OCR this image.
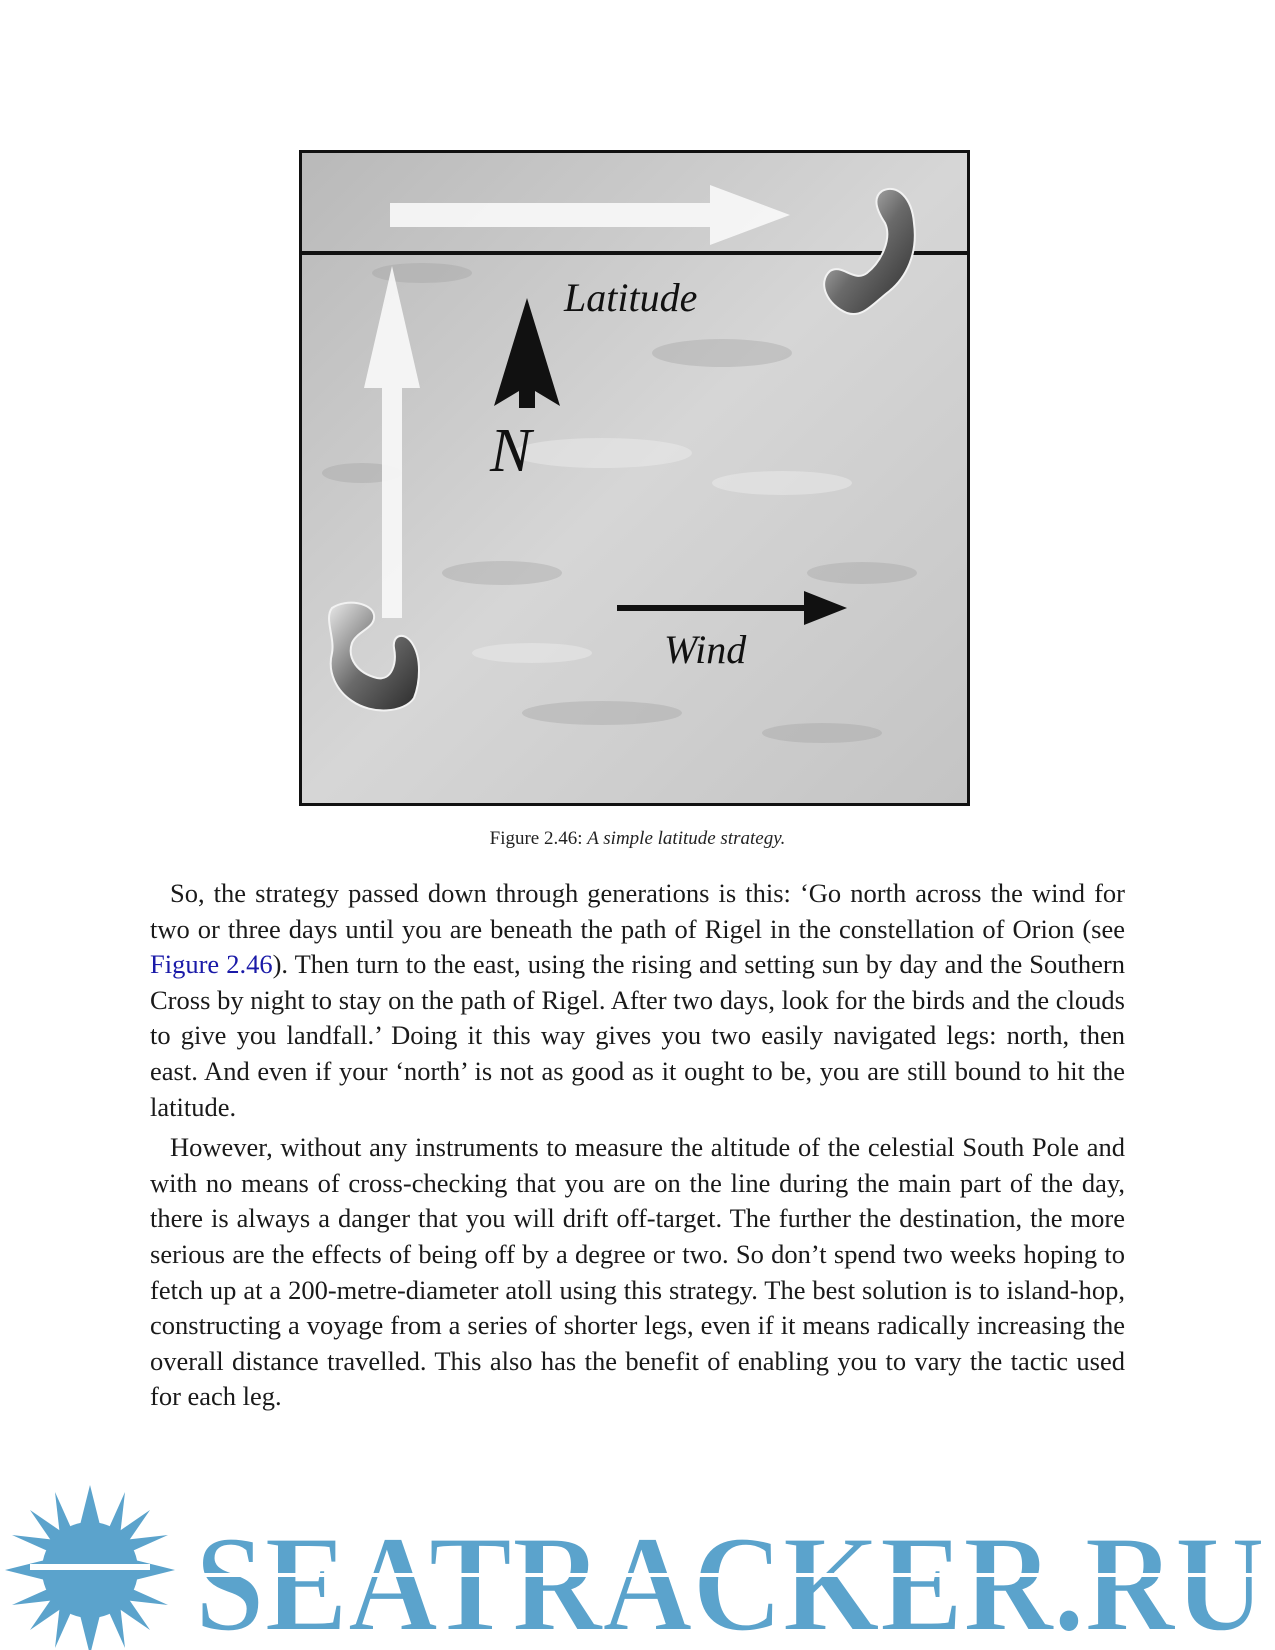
N
Latitude
Wind
Figure 2.46: A simple latitude strategy.

So, the strategy passed down through generations is this: ‘Go north across the wind for two or three days until you are beneath the path of Rigel in the constellation of Orion (see Figure 2.46). Then turn to the east, using the rising and setting sun by day and the Southern Cross by night to stay on the path of Rigel. After two days, look for the birds and the clouds to give you landfall.’ Doing it this way gives you two easily navigated legs: north, then east. And even if your ‘north’ is not as good as it ought to be, you are still bound to hit the latitude.

However, without any instruments to measure the altitude of the celestial South Pole and with no means of cross-checking that you are on the line during the main part of the day, there is always a danger that you will drift off-target. The further the destination, the more serious are the effects of being off by a degree or two. So don’t spend two weeks hoping to fetch up at a 200-metre-diameter atoll using this strategy. The best solution is to island-hop, constructing a voyage from a series of shorter legs, even if it means radically increasing the overall distance travelled. This also has the benefit of enabling you to vary the tactic used for each leg.

SEATRACKER.RU
